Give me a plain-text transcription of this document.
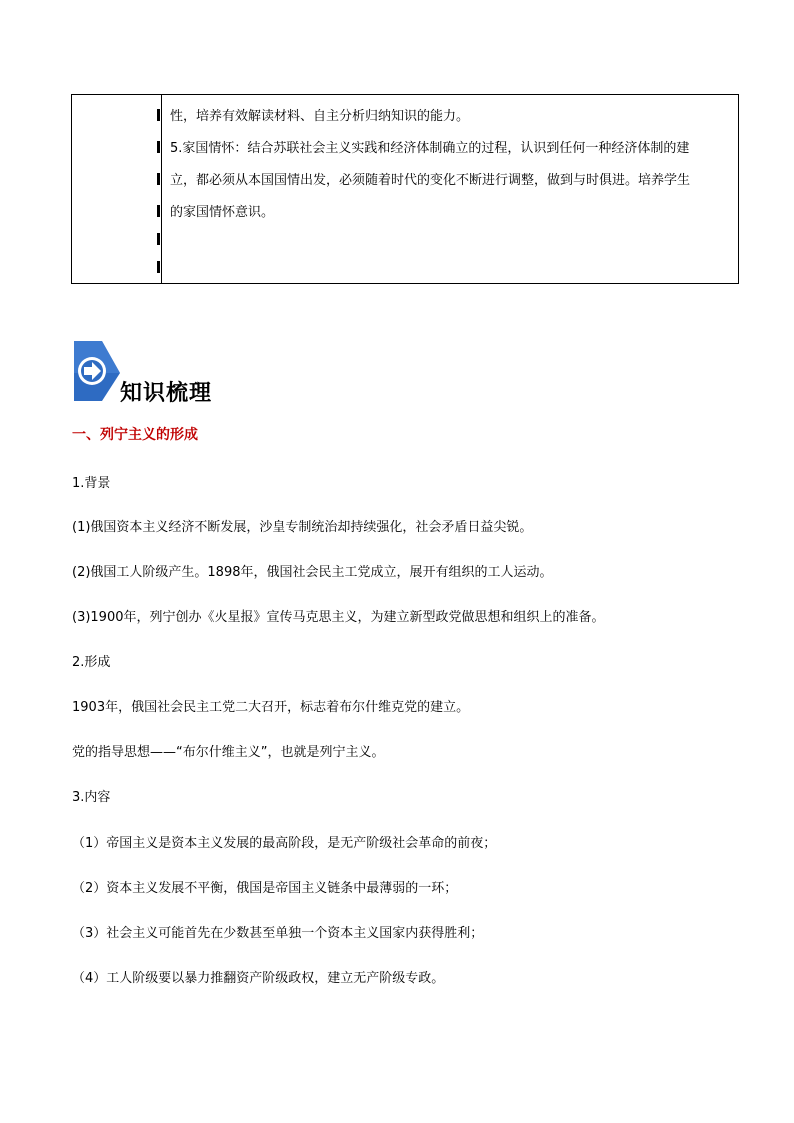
性，培养有效解读材料、自主分析归纳知识的能力。

5.家国情怀：结合苏联社会主义实践和经济体制确立的过程，认识到任何一种经济体制的建

立，都必须从本国国情出发，必须随着时代的变化不断进行调整，做到与时俱进。培养学生

的家国情怀意识。

知识梳理
一、列宁主义的形成

1.背景

(1)俄国资本主义经济不断发展，沙皇专制统治却持续强化，社会矛盾日益尖锐。

(2)俄国工人阶级产生。1898年，俄国社会民主工党成立，展开有组织的工人运动。

(3)1900年，列宁创办《火星报》宣传马克思主义，为建立新型政党做思想和组织上的准备。

2.形成

1903年，俄国社会民主工党二大召开，标志着布尔什维克党的建立。

党的指导思想——“布尔什维主义”，也就是列宁主义。

3.内容

（1）帝国主义是资本主义发展的最高阶段，是无产阶级社会革命的前夜；

（2）资本主义发展不平衡，俄国是帝国主义链条中最薄弱的一环；

（3）社会主义可能首先在少数甚至单独一个资本主义国家内获得胜利；

（4）工人阶级要以暴力推翻资产阶级政权，建立无产阶级专政。
